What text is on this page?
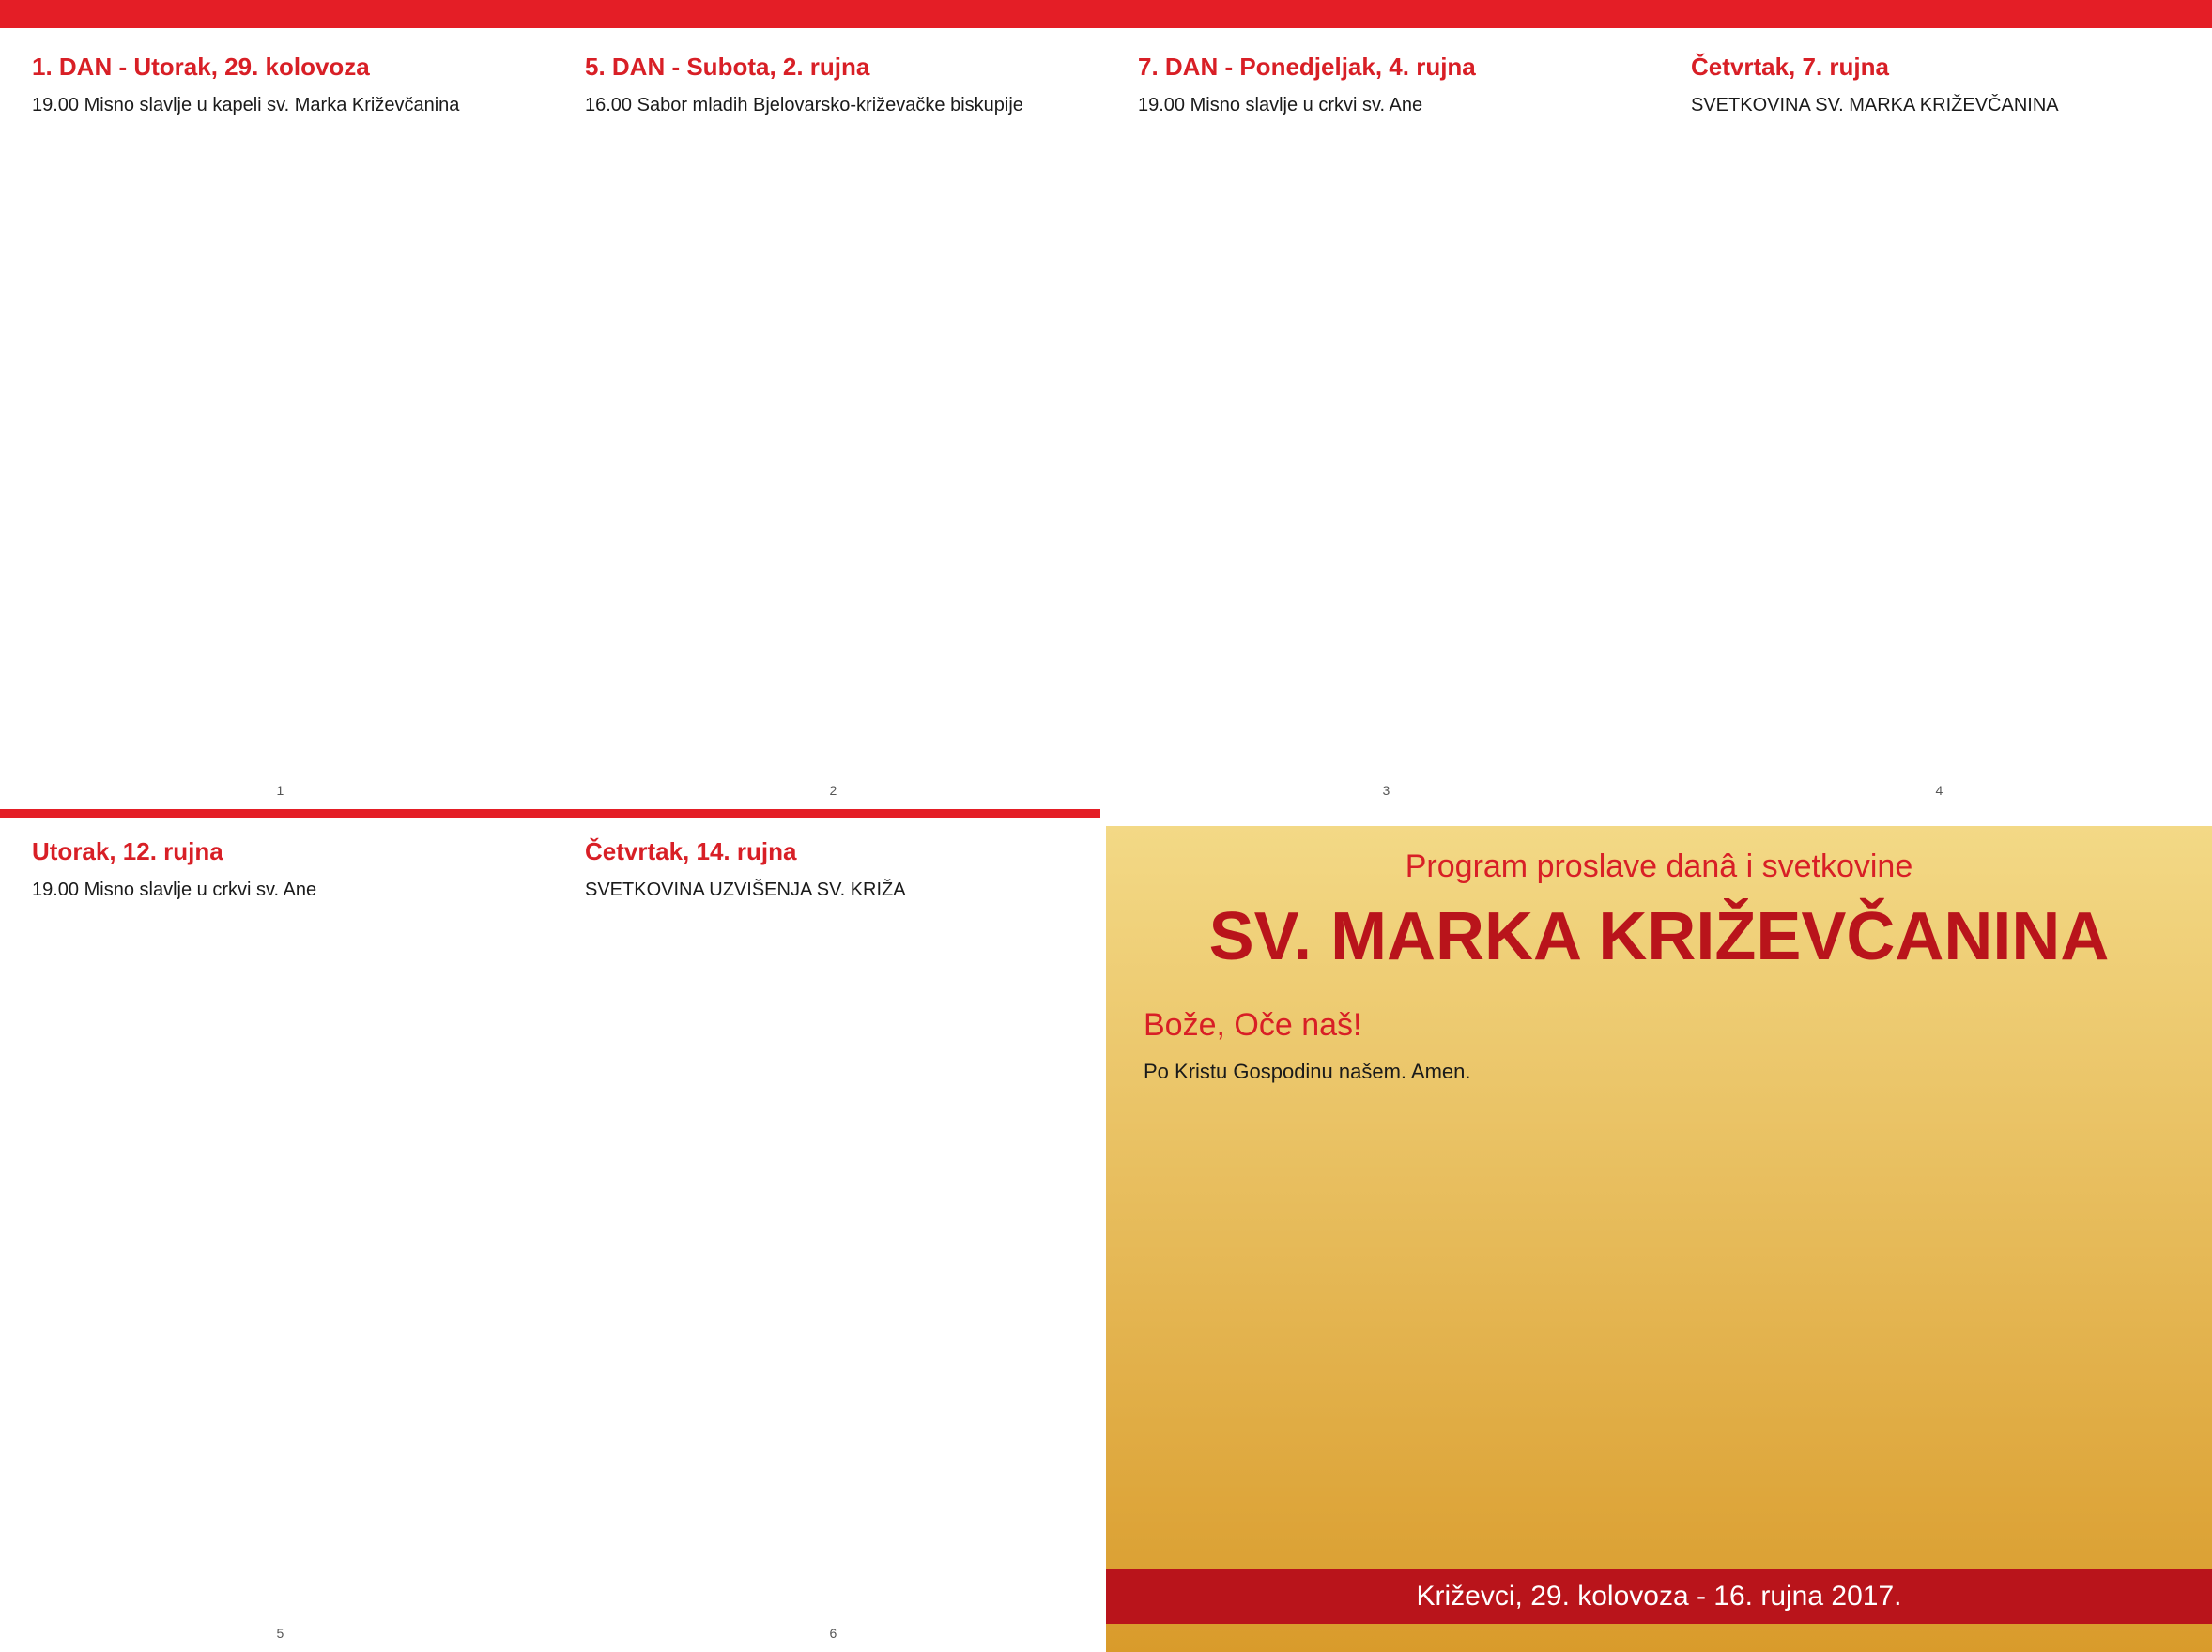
1. DAN - Utorak, 29. kolovoza
19.00 Misno slavlje u kapeli sv. Marka Križevčanina
1
5. DAN - Subota, 2. rujna
16.00 Sabor mladih Bjelovarsko-križevačke biskupije
2
7. DAN - Ponedjeljak, 4. rujna
19.00 Misno slavlje u crkvi sv. Ane
3
Četvrtak, 7. rujna
SVETKOVINA SV. MARKA KRIŽEVČANINA
4
Utorak, 12. rujna
19.00 Misno slavlje u crkvi sv. Ane
5
Četvrtak, 14. rujna
SVETKOVINA UZVIŠENJA SV. KRIŽA
6
Program proslave danâ i svetkovine
SV. MARKA KRIŽEVČANINA
Bože, Oče naš!
Po Kristu Gospodinu našem. Amen.
Križevci, 29. kolovoza - 16. rujna 2017.
